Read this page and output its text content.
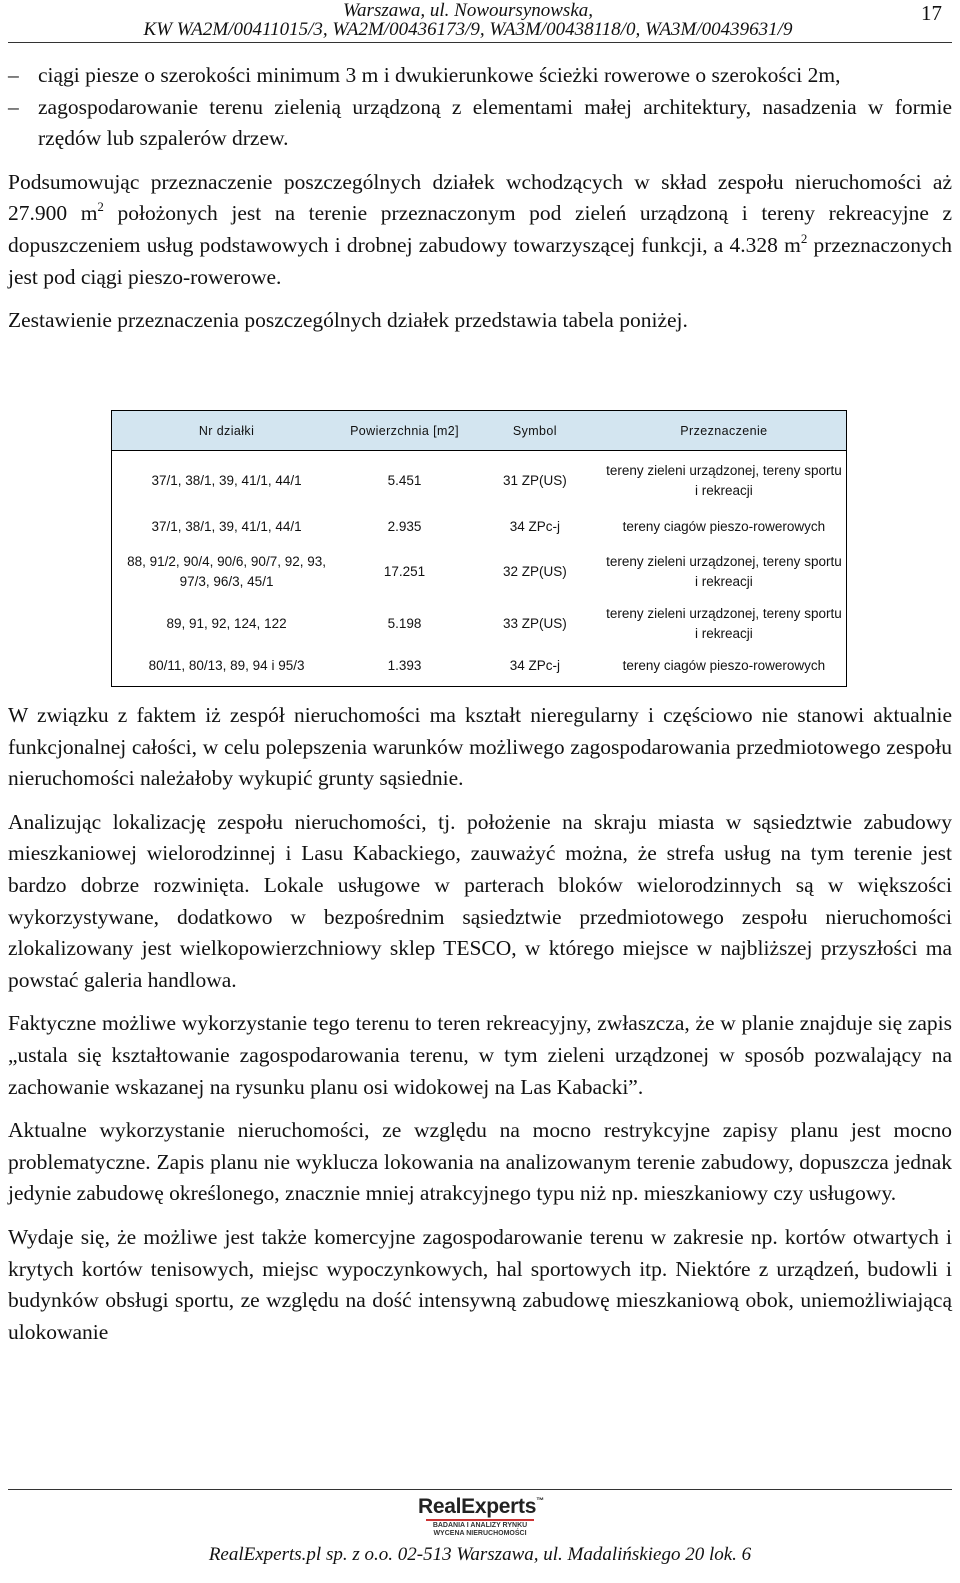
Warszawa, ul. Nowoursynowska,
KW WA2M/00411015/3, WA2M/00436173/9, WA3M/00438118/0, WA3M/00439631/9
17
– ciągi piesze o szerokości minimum 3 m i dwukierunkowe ścieżki rowerowe o szerokości 2m,
– zagospodarowanie terenu zielenią urządzoną z elementami małej architektury, nasadzenia w formie rzędów lub szpalerów drzew.

Podsumowując przeznaczenie poszczególnych działek wchodzących w skład zespołu nieruchomości aż 27.900 $m^2$ położonych jest na terenie przeznaczonym pod zieleń urządzoną i tereny rekreacyjne z dopuszczeniem usług podstawowych i drobnej zabudowy towarzyszącej funkcji, a 4.328 $m^2$ przeznaczonych jest pod ciągi pieszo-rowerowe.

Zestawienie przeznaczenia poszczególnych działek przedstawia tabela poniżej.

Nr działki	Powierzchnia [m2]	Symbol	Przeznaczenie
37/1, 38/1, 39, 41/1, 44/1	5.451	31 ZP(US)	tereny zieleni urządzonej, tereny sportu i rekreacji
37/1, 38/1, 39, 41/1, 44/1	2.935	34 ZPc-j	tereny ciagów pieszo-rowerowych
88, 91/2, 90/4, 90/6, 90/7, 92, 93, 97/3, 96/3, 45/1	17.251	32 ZP(US)	tereny zieleni urządzonej, tereny sportu i rekreacji
89, 91, 92, 124, 122	5.198	33 ZP(US)	tereny zieleni urządzonej, tereny sportu i rekreacji
80/11, 80/13, 89, 94 i 95/3	1.393	34 ZPc-j	tereny ciagów pieszo-rowerowych

W związku z faktem iż zespół nieruchomości ma kształt nieregularny i częściowo nie stanowi aktualnie funkcjonalnej całości, w celu polepszenia warunków możliwego zagospodarowania przedmiotowego zespołu nieruchomości należałoby wykupić grunty sąsiednie.

Analizując lokalizację zespołu nieruchomości, tj. położenie na skraju miasta w sąsiedztwie zabudowy mieszkaniowej wielorodzinnej i Lasu Kabackiego, zauważyć można, że strefa usług na tym terenie jest bardzo dobrze rozwinięta. Lokale usługowe w parterach bloków wielorodzinnych są w większości wykorzystywane, dodatkowo w bezpośrednim sąsiedztwie przedmiotowego zespołu nieruchomości zlokalizowany jest wielkopowierzchniowy sklep TESCO, w którego miejsce w najbliższej przyszłości ma powstać galeria handlowa.

Faktyczne możliwe wykorzystanie tego terenu to teren rekreacyjny, zwłaszcza, że w planie znajduje się zapis „ustala się kształtowanie zagospodarowania terenu, w tym zieleni urządzonej w sposób pozwalający na zachowanie wskazanej na rysunku planu osi widokowej na Las Kabacki”.

Aktualne wykorzystanie nieruchomości, ze względu na mocno restrykcyjne zapisy planu jest mocno problematyczne. Zapis planu nie wyklucza lokowania na analizowanym terenie zabudowy, dopuszcza jednak jedynie zabudowę określonego, znacznie mniej atrakcyjnego typu niż np. mieszkaniowy czy usługowy.

Wydaje się, że możliwe jest także komercyjne zagospodarowanie terenu w zakresie np. kortów otwartych i krytych kortów tenisowych, miejsc wypoczynkowych, hal sportowych itp. Niektóre z urządzeń, budowli i budynków obsługi sportu, ze względu na dość intensywną zabudowę mieszkaniową obok, uniemożliwiającą ulokowanie

RealExperts™
BADANIA I ANALIZY RYNKU
WYCENA NIERUCHOMOŚCI
RealExperts.pl sp. z o.o. 02-513 Warszawa, ul. Madalińskiego 20 lok. 6
